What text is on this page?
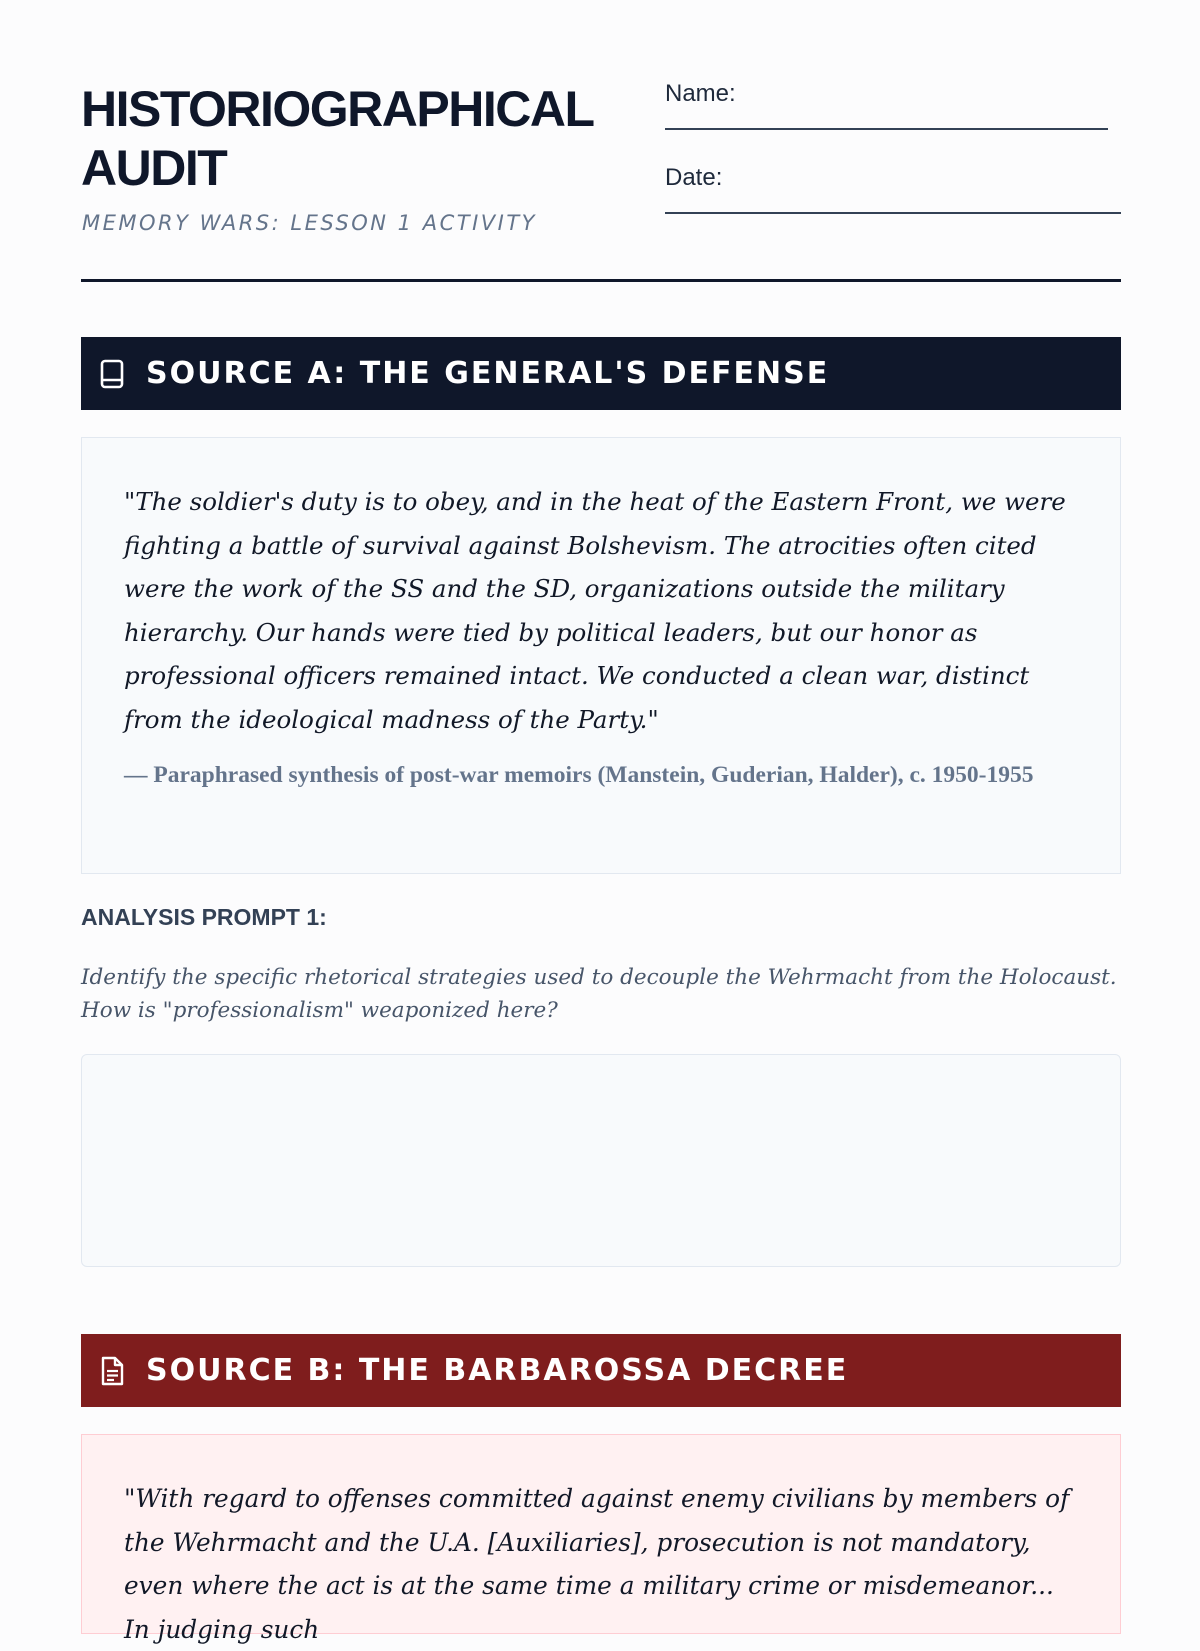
HISTORIOGRAPHICAL
AUDIT
MEMORY WARS: LESSON 1 ACTIVITY
Name:
Date:
SOURCE A: THE GENERAL'S DEFENSE

"The soldier's duty is to obey, and in the heat of the Eastern Front, we were fighting a battle of survival against Bolshevism. The atrocities often cited were the work of the SS and the SD, organizations outside the military hierarchy. Our hands were tied by political leaders, but our honor as professional officers remained intact. We conducted a clean war, distinct from the ideological madness of the Party."

— Paraphrased synthesis of post-war memoirs (Manstein, Guderian, Halder), c. 1950-1955

ANALYSIS PROMPT 1:

Identify the specific rhetorical strategies used to decouple the Wehrmacht from the Holocaust. How is "professionalism" weaponized here?

SOURCE B: THE BARBAROSSA DECREE

"With regard to offenses committed against enemy civilians by members of the Wehrmacht and the U.A. [Auxiliaries], prosecution is not mandatory, even where the act is at the same time a military crime or misdemeanor... In judging such
